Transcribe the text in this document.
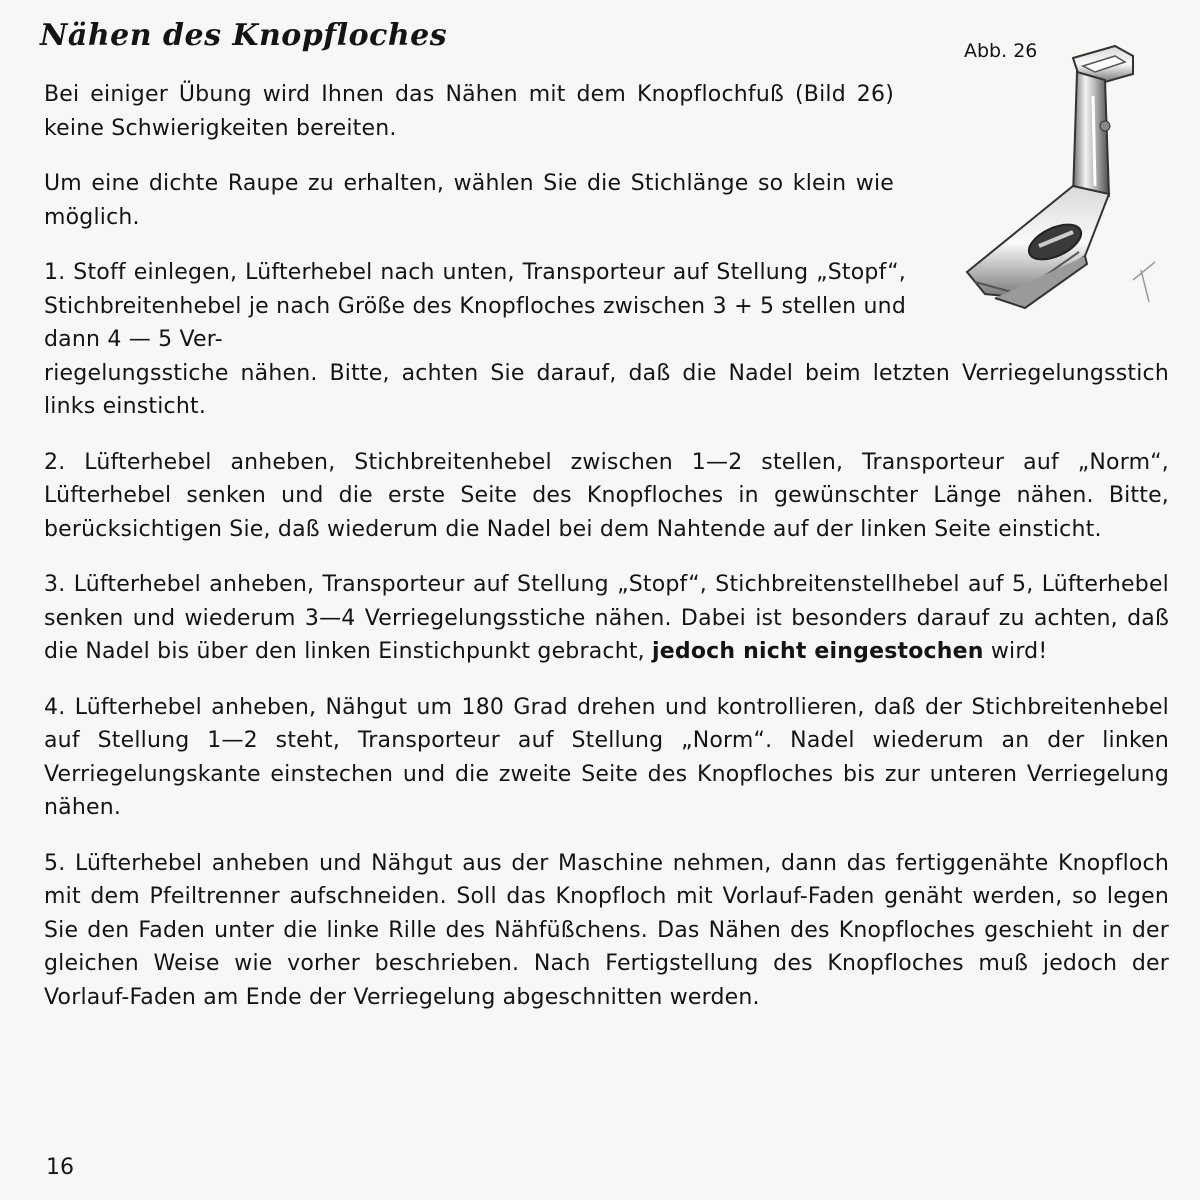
Nähen des Knopfloches	Abb. 26

Bei einiger Übung wird Ihnen das Nähen mit dem Knopflochfuß (Bild 26) keine Schwierigkeiten bereiten.

Um eine dichte Raupe zu erhalten, wählen Sie die Stichlänge so klein wie möglich.

1. Stoff einlegen, Lüfterhebel nach unten, Transporteur auf Stellung „Stopf“, Stichbreitenhebel je nach Größe des Knopfloches zwischen 3 + 5 stellen und dann 4 — 5 Ver-

riegelungsstiche nähen. Bitte, achten Sie darauf, daß die Nadel beim letzten Verriegelungsstich links einsticht.

2. Lüfterhebel anheben, Stichbreitenhebel zwischen 1—2 stellen, Transporteur auf „Norm“, Lüfterhebel senken und die erste Seite des Knopfloches in gewünschter Länge nähen. Bitte, berücksichtigen Sie, daß wiederum die Nadel bei dem Nahtende auf der linken Seite einsticht.

3. Lüfterhebel anheben, Transporteur auf Stellung „Stopf“, Stichbreitenstellhebel auf 5, Lüfterhebel senken und wiederum 3—4 Verriegelungsstiche nähen. Dabei ist besonders darauf zu achten, daß die Nadel bis über den linken Einstichpunkt gebracht, jedoch nicht eingestochen wird!

4. Lüfterhebel anheben, Nähgut um 180 Grad drehen und kontrollieren, daß der Stichbreitenhebel auf Stellung 1—2 steht, Transporteur auf Stellung „Norm“. Nadel wiederum an der linken Verriegelungskante einstechen und die zweite Seite des Knopfloches bis zur unteren Verriegelung nähen.

5. Lüfterhebel anheben und Nähgut aus der Maschine nehmen, dann das fertiggenähte Knopfloch mit dem Pfeiltrenner aufschneiden. Soll das Knopfloch mit Vorlauf-Faden genäht werden, so legen Sie den Faden unter die linke Rille des Nähfüßchens. Das Nähen des Knopfloches geschieht in der gleichen Weise wie vorher beschrieben. Nach Fertigstellung des Knopfloches muß jedoch der Vorlauf-Faden am Ende der Verriegelung abgeschnitten werden.

16
